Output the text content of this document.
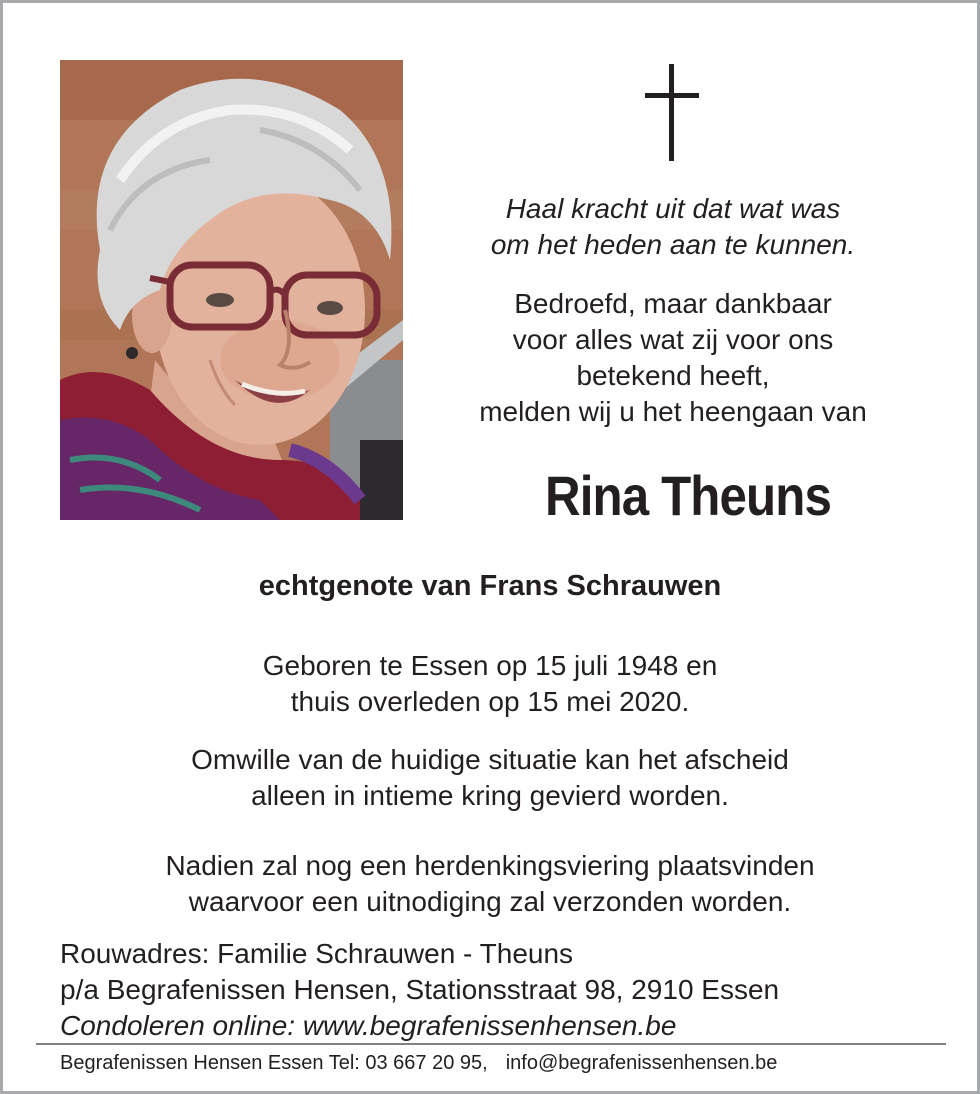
Haal kracht uit dat wat was
om het heden aan te kunnen.
Bedroefd, maar dankbaar
voor alles wat zij voor ons
betekend heeft,
melden wij u het heengaan van
Rina Theuns
echtgenote van Frans Schrauwen
Geboren te Essen op 15 juli 1948 en
thuis overleden op 15 mei 2020.
Omwille van de huidige situatie kan het afscheid
alleen in intieme kring gevierd worden.
Nadien zal nog een herdenkingsviering plaatsvinden
waarvoor een uitnodiging zal verzonden worden.
Rouwadres: Familie Schrauwen - Theuns
p/a Begrafenissen Hensen, Stationsstraat 98, 2910 Essen
Condoleren online: www.begrafenissenhensen.be
Begrafenissen Hensen Essen Tel: 03 667 20 95, info@begrafenissenhensen.be
